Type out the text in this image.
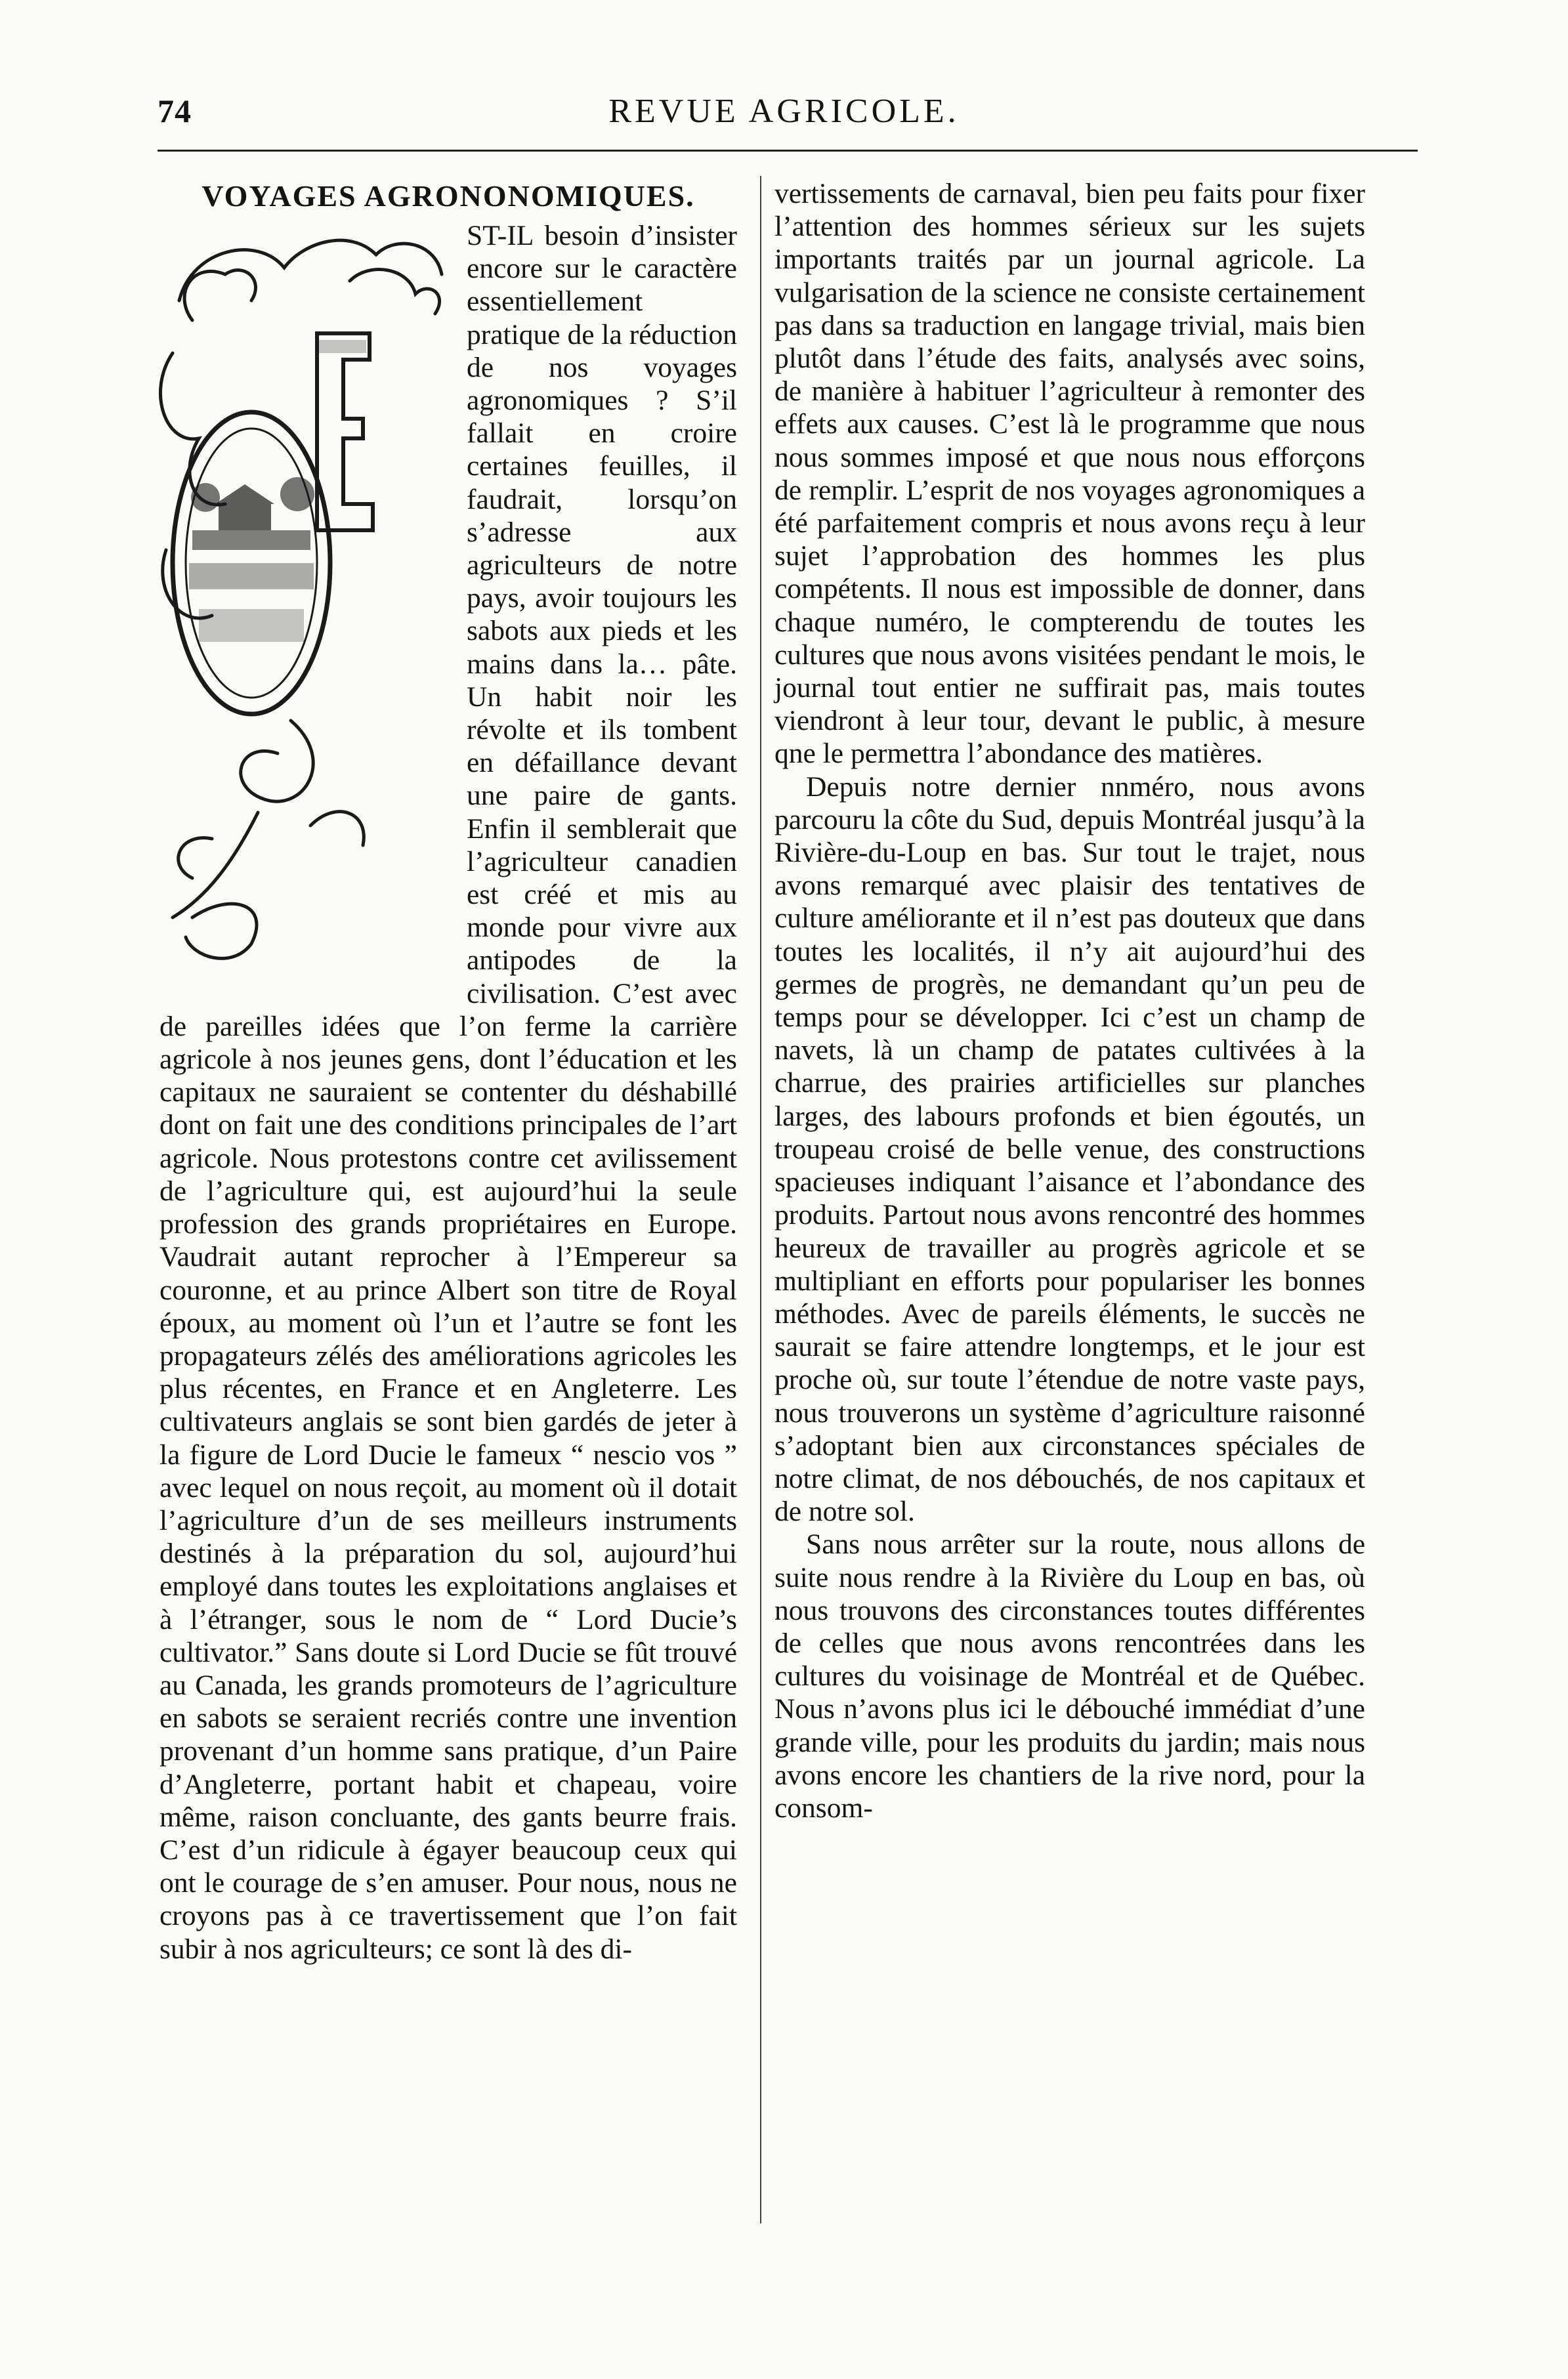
74	REVUE AGRICOLE.
VOYAGES AGRONONOMIQUES.

ST-IL besoin d’insister encore sur le caractère essentiellement pratique de la réduction de nos voyages agronomiques ? S’il fallait en croire certaines feuilles, il faudrait, lorsqu’on s’adresse aux agriculteurs de notre pays, avoir toujours les sabots aux pieds et les mains dans la… pâte. Un habit noir les révolte et ils tombent en défaillance devant une paire de gants. Enfin il semblerait que l’agriculteur canadien est créé et mis au monde pour vivre aux antipodes de la civilisation. C’est avec de pareilles idées que l’on ferme la carrière agricole à nos jeunes gens, dont l’éducation et les capitaux ne sauraient se contenter du déshabillé dont on fait une des conditions principales de l’art agricole. Nous protestons contre cet avilissement de l’agriculture qui, est aujourd’hui la seule profession des grands propriétaires en Europe. Vaudrait autant reprocher à l’Empereur sa couronne, et au prince Albert son titre de Royal époux, au moment où l’un et l’autre se font les propagateurs zélés des améliorations agricoles les plus récentes, en France et en Angleterre. Les cultivateurs anglais se sont bien gardés de jeter à la figure de Lord Ducie le fameux “ nescio vos ” avec lequel on nous reçoit, au moment où il dotait l’agriculture d’un de ses meilleurs instruments destinés à la préparation du sol, aujourd’hui employé dans toutes les exploitations anglaises et à l’étranger, sous le nom de “ Lord Ducie’s cultivator.” Sans doute si Lord Ducie se fût trouvé au Canada, les grands promoteurs de l’agriculture en sabots se seraient recriés contre une invention provenant d’un homme sans pratique, d’un Paire d’Angleterre, portant habit et chapeau, voire même, raison concluante, des gants beurre frais. C’est d’un ridicule à égayer beaucoup ceux qui ont le courage de s’en amuser. Pour nous, nous ne croyons pas à ce travertissement que l’on fait subir à nos agriculteurs; ce sont là des di-

vertissements de carnaval, bien peu faits pour fixer l’attention des hommes sérieux sur les sujets importants traités par un journal agricole. La vulgarisation de la science ne consiste certainement pas dans sa traduction en langage trivial, mais bien plutôt dans l’étude des faits, analysés avec soins, de manière à habituer l’agriculteur à remonter des effets aux causes. C’est là le programme que nous nous sommes imposé et que nous nous efforçons de remplir. L’esprit de nos voyages agronomiques a été parfaitement compris et nous avons reçu à leur sujet l’approbation des hommes les plus compétents. Il nous est impossible de donner, dans chaque numéro, le compterendu de toutes les cultures que nous avons visitées pendant le mois, le journal tout entier ne suffirait pas, mais toutes viendront à leur tour, devant le public, à mesure qne le permettra l’abondance des matières.

Depuis notre dernier nnméro, nous avons parcouru la côte du Sud, depuis Montréal jusqu’à la Rivière-du-Loup en bas. Sur tout le trajet, nous avons remarqué avec plaisir des tentatives de culture améliorante et il n’est pas douteux que dans toutes les localités, il n’y ait aujourd’hui des germes de progrès, ne demandant qu’un peu de temps pour se développer. Ici c’est un champ de navets, là un champ de patates cultivées à la charrue, des prairies artificielles sur planches larges, des labours profonds et bien égoutés, un troupeau croisé de belle venue, des constructions spacieuses indiquant l’aisance et l’abondance des produits. Partout nous avons rencontré des hommes heureux de travailler au progrès agricole et se multipliant en efforts pour populariser les bonnes méthodes. Avec de pareils éléments, le succès ne saurait se faire attendre longtemps, et le jour est proche où, sur toute l’étendue de notre vaste pays, nous trouverons un système d’agriculture raisonné s’adoptant bien aux circonstances spéciales de notre climat, de nos débouchés, de nos capitaux et de notre sol.

Sans nous arrêter sur la route, nous allons de suite nous rendre à la Rivière du Loup en bas, où nous trouvons des circonstances toutes différentes de celles que nous avons rencontrées dans les cultures du voisinage de Montréal et de Québec. Nous n’avons plus ici le débouché immédiat d’une grande ville, pour les produits du jardin; mais nous avons encore les chantiers de la rive nord, pour la consom-
